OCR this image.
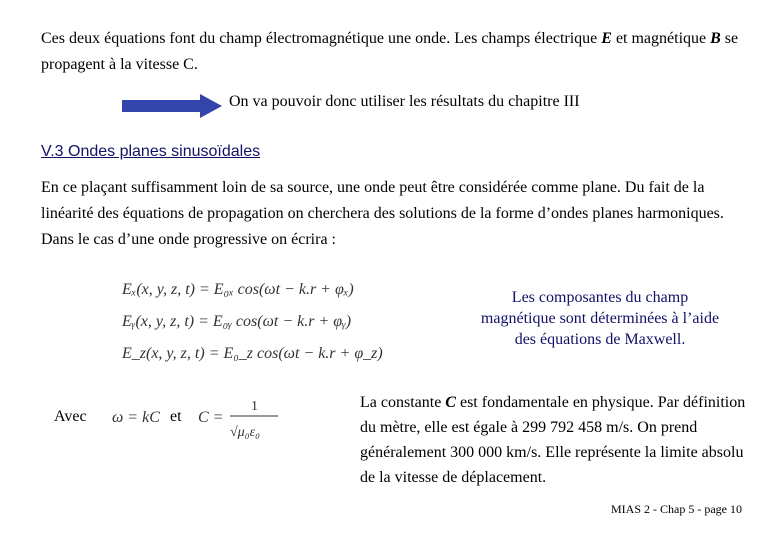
Ces deux équations font du champ électromagnétique une onde. Les champs électrique E et magnétique B se propagent à la vitesse C.
On va pouvoir donc utiliser les résultats du chapitre III
V.3 Ondes planes sinusoïdales
En ce plaçant suffisamment loin de sa source, une onde peut être considérée comme plane. Du fait de la linéarité des équations de propagation on cherchera des solutions de la forme d’ondes planes harmoniques. Dans le cas d’une onde progressive on écrira :
Eₓ(x, y, z, t) = E₀ₓ cos(ωt − k.r + φₓ)
Eᵧ(x, y, z, t) = E₀ᵧ cos(ωt − k.r + φᵧ)
E_z(x, y, z, t) = E₀_z cos(ωt − k.r + φ_z)
Les composantes du champ magnétique sont déterminées à l’aide des équations de Maxwell.
Avec	et
ω = kC C =
1
√μ₀ε₀
La constante C est fondamentale en physique. Par définition du mètre, elle est égale à 299 792 458 m/s. On prend généralement 300 000 km/s. Elle représente la limite absolu de la vitesse de déplacement.
MIAS 2 - Chap 5 - page 10
